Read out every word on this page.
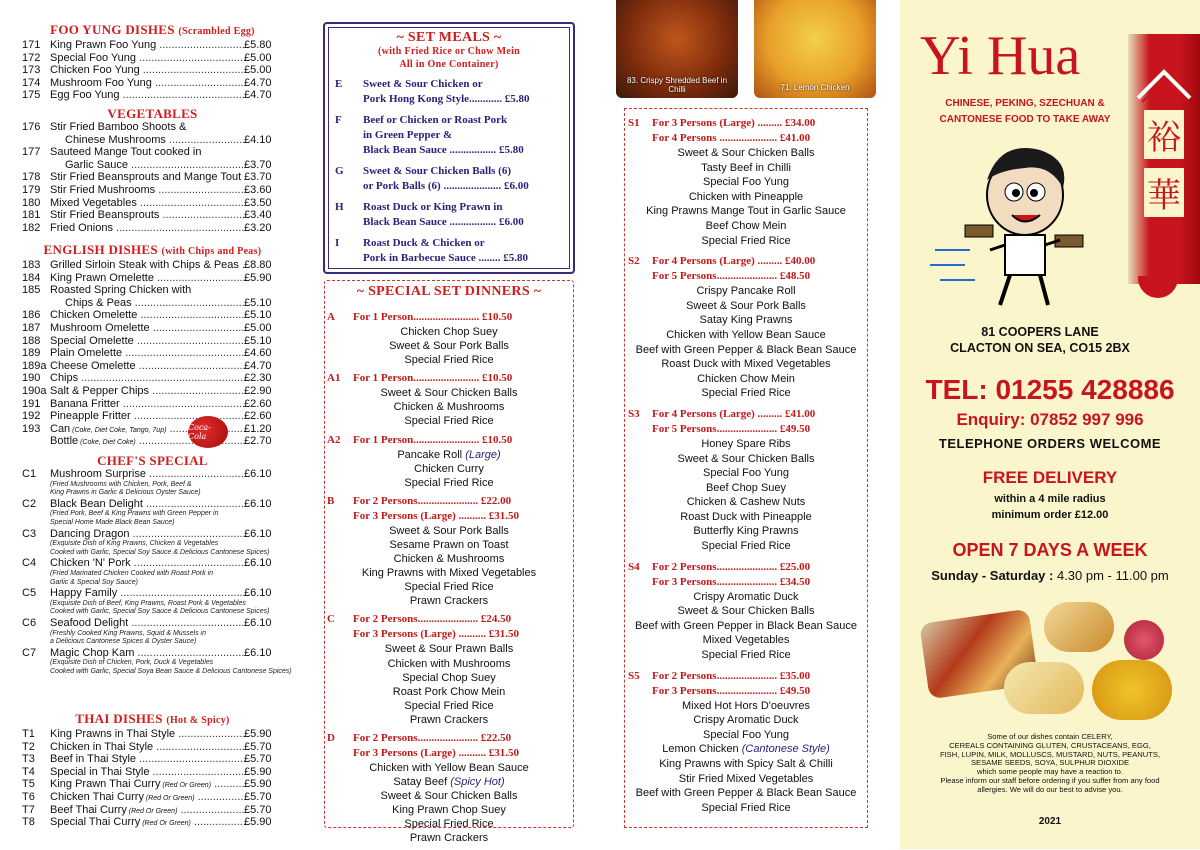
FOO YUNG DISHES (Scrambled Egg)
171 King Prawn Foo Yung .....	£5.80
172 Special Foo Yung .....	£5.00
173 Chicken Foo Yung .....	£5.00
174 Mushroom Foo Yung .....	£4.70
175 Egg Foo Yung .....	£4.70
VEGETABLES
176 Stir Fried Bamboo Shoots &
Chinese Mushrooms .....	£4.10
177 Sauteed Mange Tout cooked in
Garlic Sauce .....	£3.70
178 Stir Fried Beansprouts and Mange Tout ..... £3.70
179 Stir Fried Mushrooms .....	£3.60
180 Mixed Vegetables .....	£3.50
181 Stir Fried Beansprouts .....	£3.40
182 Fried Onions .....	£3.20
ENGLISH DISHES (with Chips and Peas)
183 Grilled Sirloin Steak with Chips & Peas ..... £8.80
184 King Prawn Omelette .....	£5.90
185 Roasted Spring Chicken with
Chips & Peas .....	£5.10
186 Chicken Omelette .....	£5.10
187 Mushroom Omelette .....	£5.00
188 Special Omelette .....	£5.10
189 Plain Omelette .....	£4.60
189a Cheese Omelette .....	£4.70
190 Chips .....	£2.30
190a Salt & Pepper Chips .....	£2.90
191 Banana Fritter .....	£2.60
192 Pineapple Fritter .....	£2.60
193 Can (Coke, Diet Coke, Tango, 7up) .....	£1.20
Bottle (Coke, Diet Coke) .....	£2.70
Coca-Cola
CHEF'S SPECIAL
C1	Mushroom Surprise .....	£6.10
(Fried Mushrooms with Chicken, Pork, Beef &
King Prawns in Garlic & Delicious Oyster Sauce)
C2	Black Bean Delight .....	£6.10
(Fried Pork, Beef & King Prawns with Green Pepper in
Special Home Made Black Bean Sauce)
C3	Dancing Dragon .....	£6.10
(Exquisite Dish of King Prawns, Chicken & Vegetables
Cooked with Garlic, Special Soy Sauce & Delicious Cantonese Spices)
C4	Chicken 'N' Pork .....	£6.10
(Fried Marinated Chicken Cooked with Roast Pork in
Garlic & Special Soy Sauce)
C5	Happy Family .....	£6.10
(Exquisite Dish of Beef, King Prawns, Roast Pork & Vegetables
Cooked with Garlic, Special Soy Sauce & Delicious Cantonese Spices)
C6	Seafood Delight .....	£6.10
(Freshly Cooked King Prawns, Squid & Mussels in
a Delicious Cantonese Spices & Oyster Sauce)
C7	Magic Chop Kam .....	£6.10
(Exquisite Dish of Chicken, Pork, Duck & Vegetables
Cooked with Garlic, Special Soya Bean Sauce & Delicious Cantonese Spices)
THAI DISHES (Hot & Spicy)
T1	King Prawns in Thai Style .....	£5.90
T2	Chicken in Thai Style .....	£5.70
T3	Beef in Thai Style .....	£5.70
T4	Special in Thai Style .....	£5.90
T5	King Prawn Thai Curry (Red Or Green) .....	£5.90
T6	Chicken Thai Curry (Red Or Green) .....	£5.70
T7	Beef Thai Curry (Red Or Green) .....	£5.70
T8	Special Thai Curry (Red Or Green) .....	£5.90
~ SET MEALS ~
(with Fried Rice or Chow Mein
All in One Container)
E Sweet & Sour Chicken or
Pork Hong Kong Style............ £5.80
F Beef or Chicken or Roast Pork
in Green Pepper &
Black Bean Sauce ................. £5.80
G Sweet & Sour Chicken Balls (6)
or Pork Balls (6) ..................... £6.00
H Roast Duck or King Prawn in
Black Bean Sauce ................. £6.00
I Roast Duck & Chicken or
Pork in Barbecue Sauce ........ £5.80
~ SPECIAL SET DINNERS ~
A For 1 Person........................ £10.50
Chicken Chop Suey
Sweet & Sour Pork Balls
Special Fried Rice
A1 For 1 Person........................ £10.50
Sweet & Sour Chicken Balls
Chicken & Mushrooms
Special Fried Rice
A2 For 1 Person........................ £10.50
Pancake Roll (Large)
Chicken Curry
Special Fried Rice
B For 2 Persons...................... £22.00
For 3 Persons (Large) .......... £31.50
Sweet & Sour Pork Balls
Sesame Prawn on Toast
Chicken & Mushrooms
King Prawns with Mixed Vegetables
Special Fried Rice
Prawn Crackers
C For 2 Persons...................... £24.50
For 3 Persons (Large) .......... £31.50
Sweet & Sour Prawn Balls
Chicken with Mushrooms
Special Chop Suey
Roast Pork Chow Mein
Special Fried Rice
Prawn Crackers
D For 2 Persons...................... £22.50
For 3 Persons (Large) .......... £31.50
Chicken with Yellow Bean Sauce
Satay Beef (Spicy Hot)
Sweet & Sour Chicken Balls
King Prawn Chop Suey
Special Fried Rice
Prawn Crackers
83. Crispy Shredded Beef in Chilli	71. Lemon Chicken
S1 For 3 Persons (Large) ......... £34.00
For 4 Persons ..................... £41.00
Sweet & Sour Chicken Balls
Tasty Beef in Chilli
Special Foo Yung
Chicken with Pineapple
King Prawns Mange Tout in Garlic Sauce
Beef Chow Mein
Special Fried Rice
S2 For 4 Persons (Large) ......... £40.00
For 5 Persons...................... £48.50
Crispy Pancake Roll
Sweet & Sour Pork Balls
Satay King Prawns
Chicken with Yellow Bean Sauce
Beef with Green Pepper & Black Bean Sauce
Roast Duck with Mixed Vegetables
Chicken Chow Mein
Special Fried Rice
S3 For 4 Persons (Large) ......... £41.00
For 5 Persons...................... £49.50
Honey Spare Ribs
Sweet & Sour Chicken Balls
Special Foo Yung
Beef Chop Suey
Chicken & Cashew Nuts
Roast Duck with Pineapple
Butterfly King Prawns
Special Fried Rice
S4 For 2 Persons...................... £25.00
For 3 Persons...................... £34.50
Crispy Aromatic Duck
Sweet & Sour Chicken Balls
Beef with Green Pepper in Black Bean Sauce
Mixed Vegetables
Special Fried Rice
S5 For 2 Persons...................... £35.00
For 3 Persons...................... £49.50
Mixed Hot Hors D'oeuvres
Crispy Aromatic Duck
Special Foo Yung
Lemon Chicken (Cantonese Style)
King Prawns with Spicy Salt & Chilli
Stir Fried Mixed Vegetables
Beef with Green Pepper & Black Bean Sauce
Special Fried Rice
裕
華
Yi Hua
CHINESE, PEKING, SZECHUAN &
CANTONESE FOOD TO TAKE AWAY
81 COOPERS LANE
CLACTON ON SEA, CO15 2BX
TEL: 01255 428886
Enquiry: 07852 997 996
TELEPHONE ORDERS WELCOME
FREE DELIVERY
within a 4 mile radius
minimum order £12.00
OPEN 7 DAYS A WEEK
Sunday - Saturday : 4.30 pm - 11.00 pm
Some of our dishes contain CELERY,
CEREALS CONTAINING GLUTEN, CRUSTACEANS, EGG,
FISH, LUPIN, MILK, MOLLUSCS, MUSTARD, NUTS, PEANUTS,
SESAME SEEDS, SOYA, SULPHUR DIOXIDE
which some people may have a reaction to.
Please inform our staff before ordering if you suffer from any food
allergies. We will do our best to advise you.
2021
